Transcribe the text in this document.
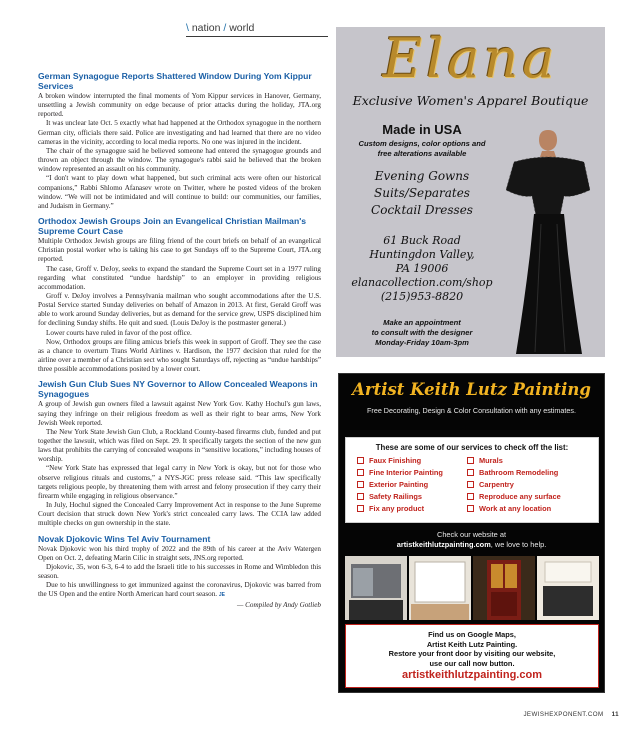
\ nation / world
German Synagogue Reports Shattered Window During Yom Kippur Services

A broken window interrupted the final moments of Yom Kippur services in Hanover, Germany, unsettling a Jewish community on edge because of prior attacks during the holiday, JTA.org reported.

It was unclear late Oct. 5 exactly what had happened at the Orthodox synagogue in the northern German city, officials there said. Police are investigating and had learned that there are no video cameras in the vicinity, according to local media reports. No one was injured in the incident.

The chair of the synagogue said he believed someone had entered the synagogue grounds and thrown an object through the window. The synagogue's rabbi said he believed that the broken window represented an assault on his community.

“I don't want to play down what happened, but such criminal acts were often our historical companions,” Rabbi Shlomo Afanasev wrote on Twitter, where he posted videos of the broken window. “We will not be intimidated and will continue to build: our communities, our families, and Judaism in Germany.”

Orthodox Jewish Groups Join an Evangelical Christian Mailman's Supreme Court Case

Multiple Orthodox Jewish groups are filing friend of the court briefs on behalf of an evangelical Christian postal worker who is taking his case to get Sundays off to the Supreme Court, JTA.org reported.

The case, Groff v. DeJoy, seeks to expand the standard the Supreme Court set in a 1977 ruling regarding what constituted “undue hardship” to an employer in providing religious accommodation.

Groff v. DeJoy involves a Pennsylvania mailman who sought accommodations after the U.S. Postal Service started Sunday deliveries on behalf of Amazon in 2013. At first, Gerald Groff was able to work around Sunday deliveries, but as demand for the service grew, USPS disciplined him for declining Sunday shifts. He quit and sued. (Louis DeJoy is the postmaster general.)

Lower courts have ruled in favor of the post office.

Now, Orthodox groups are filing amicus briefs this week in support of Groff. They see the case as a chance to overturn Trans World Airlines v. Hardison, the 1977 decision that ruled for the airline over a member of a Christian sect who sought Saturdays off, rejecting as “undue hardships” three possible accommodations posited by a lower court.

Jewish Gun Club Sues NY Governor to Allow Concealed Weapons in Synagogues

A group of Jewish gun owners filed a lawsuit against New York Gov. Kathy Hochul's gun laws, saying they infringe on their religious freedom as well as their right to bear arms, New York Jewish Week reported.

The New York State Jewish Gun Club, a Rockland County-based firearms club, funded and put together the lawsuit, which was filed on Sept. 29. It specifically targets the section of the new gun laws that prohibits the carrying of concealed weapons in “sensitive locations,” including houses of worship.

“New York State has expressed that legal carry in New York is okay, but not for those who observe religious rituals and customs,” a NYS-JGC press release said. “This law specifically targets religious people, by threatening them with arrest and felony prosecution if they carry their firearm while engaging in religious observance.”

In July, Hochul signed the Concealed Carry Improvement Act in response to the June Supreme Court decision that struck down New York's strict concealed carry laws. The CCIA law added multiple checks on gun ownership in the state.

Novak Djokovic Wins Tel Aviv Tournament

Novak Djokovic won his third trophy of 2022 and the 89th of his career at the Aviv Watergen Open on Oct. 2, defeating Marin Cilic in straight sets, JNS.org reported.

Djokovic, 35, won 6-3, 6-4 to add the Israeli title to his successes in Rome and Wimbledon this season.

Due to his unwillingness to get immunized against the coronavirus, Djokovic was barred from the US Open and the entire North American hard court season. JE

— Compiled by Andy Gotlieb

Elana
Exclusive Women's Apparel Boutique
Made in USA
Custom designs, color options and
free alterations available
Evening Gowns
Suits/Separates
Cocktail Dresses
61 Buck Road
Huntingdon Valley,
PA 19006
elanacollection.com/shop
(215)953-8820
Make an appointment
to consult with the designer
Monday-Friday 10am-3pm
Artist Keith Lutz Painting
Free Decorating, Design & Color Consultation with any estimates.
These are some of our services to check off the list:
Faux Finishing
Fine Interior Painting
Exterior Painting
Safety Railings
Fix any product
Murals
Bathroom Remodeling
Carpentry
Reproduce any surface
Work at any location
Check our website at
artistkeithlutzpainting.com, we love to help.
Find us on Google Maps,
Artist Keith Lutz Painting.
Restore your front door by visiting our website,
use our call now button.
artistkeithlutzpainting.com
JEWISHEXPONENT.COM 11
